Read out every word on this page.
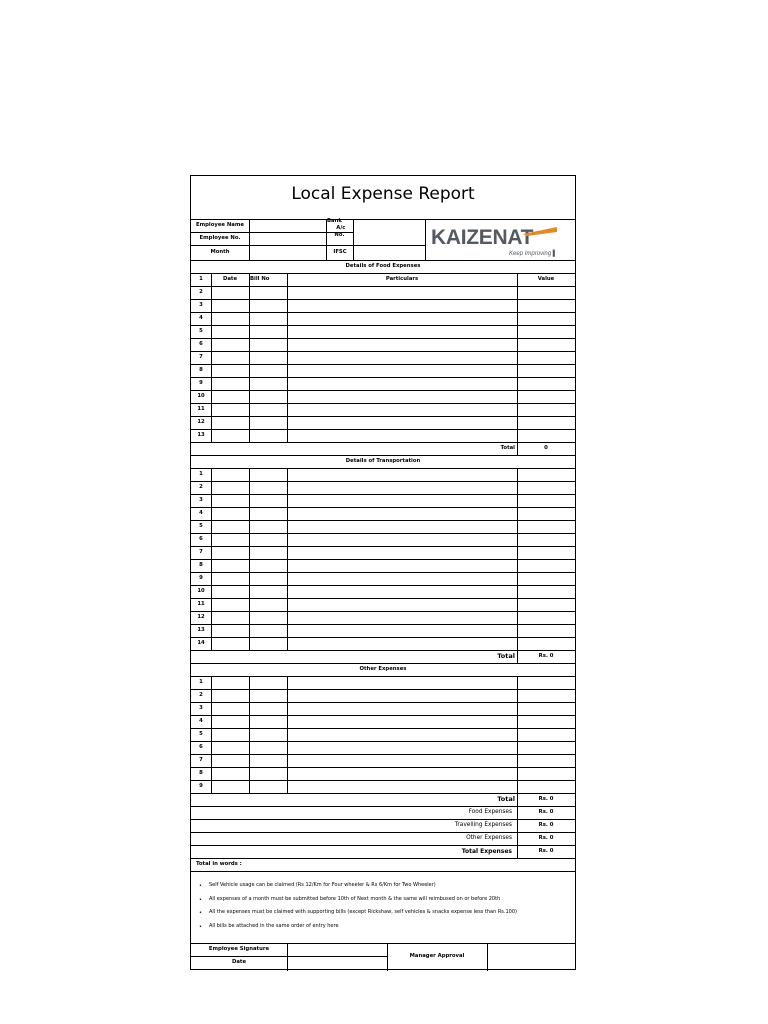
Local Expense Report
KAIZENAT
Keep Improving ▌
Employee Name
Employee No.
Month
Bank
A/c
No.
IFSC
Details of Food Expenses
1	Date	Bill No	Particulars	Value
2
3
4
5
6
7
8
9
10
11
12
13
Total	0
Details of Transportation
1
2
3
4
5
6
7
8
9
10
11
12
13
14
Total	Rs. 0
Other Expenses
1
2
3
4
5
6
7
8
9
Total	Rs. 0
Food Expenses	Rs. 0
Travelling Expenses	Rs. 0
Other Expenses	Rs. 0
Total Expenses	Rs. 0
Total in words :
• Self Vehicle usage can be claimed (Rs 12/Km for Four wheeler & Rs 6/Km for Two Wheeler)
• All expenses of a month must be submitted before 10th of Next month & the same will reimbused on or before 20th
• All the expenses must be claimed with supporting bills (except Rickshaw, self vehicles & snacks expense less than Rs.100)
• All bills be attached in the same order of entry here
Employee Signature
Date
Manager Approval
